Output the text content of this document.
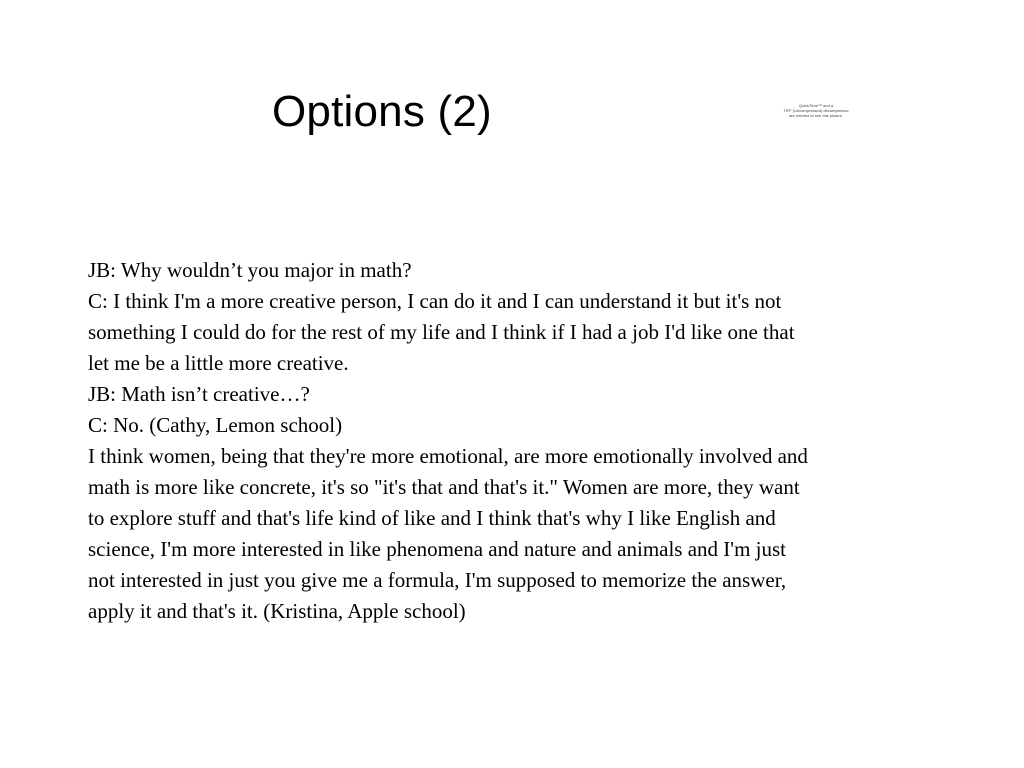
Options (2)	QuickTime™ and a
TIFF (Uncompressed) decompressor
are needed to see this picture.

JB: Why wouldn’t you major in math?
C: I think I'm a more creative person, I can do it and I can understand it but it's not
something I could do for the rest of my life and I think if I had a job I'd like one that
let me be a little more creative.
JB: Math isn’t creative…?
C: No. (Cathy, Lemon school)
I think women, being that they're more emotional, are more emotionally involved and
math is more like concrete, it's so "it's that and that's it." Women are more, they want
to explore stuff and that's life kind of like and I think that's why I like English and
science, I'm more interested in like phenomena and nature and animals and I'm just
not interested in just you give me a formula, I'm supposed to memorize the answer,
apply it and that's it. (Kristina, Apple school)
